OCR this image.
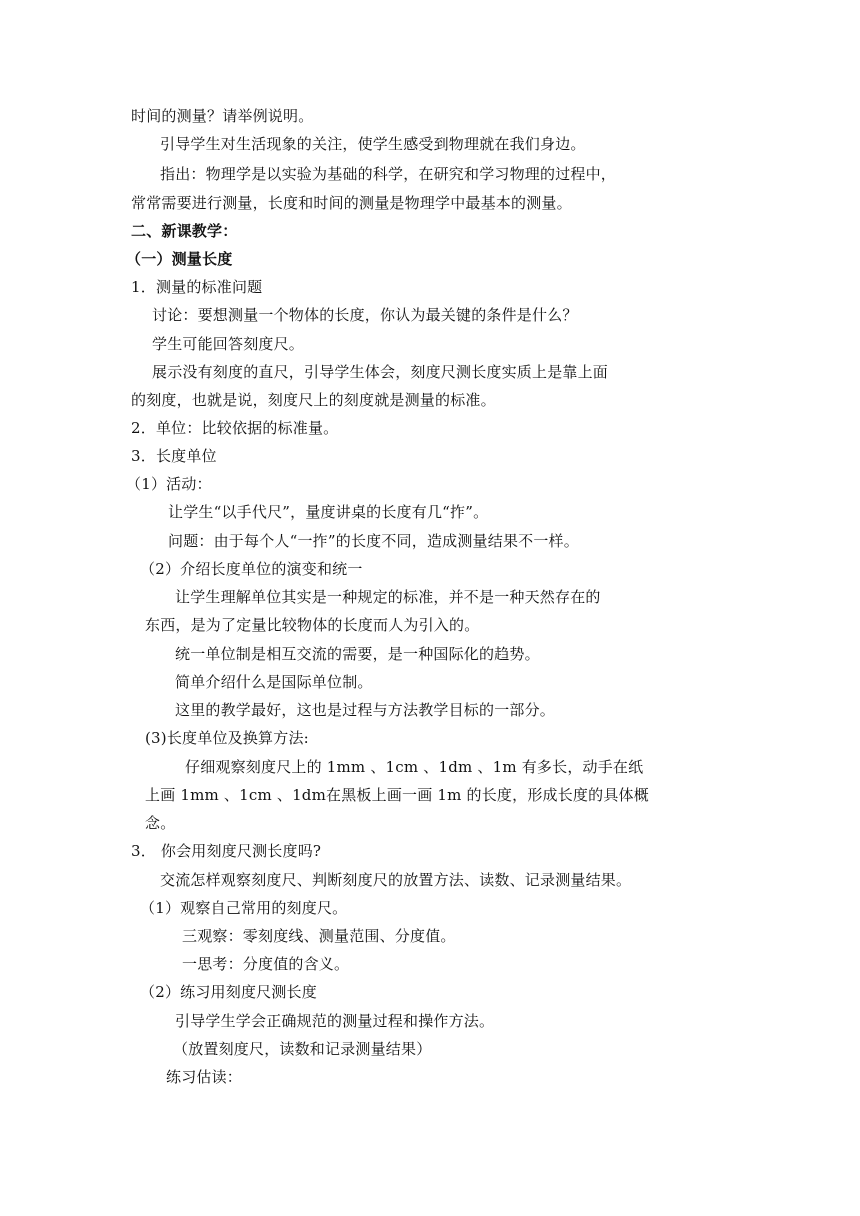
时间的测量？请举例说明。
引导学生对生活现象的关注，使学生感受到物理就在我们身边。
指出：物理学是以实验为基础的科学，在研究和学习物理的过程中，
常常需要进行测量，长度和时间的测量是物理学中最基本的测量。
二、新课教学：
（一）测量长度
1．测量的标准问题
讨论：要想测量一个物体的长度，你认为最关键的条件是什么？
学生可能回答刻度尺。
展示没有刻度的直尺，引导学生体会，刻度尺测长度实质上是靠上面
的刻度，也就是说，刻度尺上的刻度就是测量的标准。
2．单位：比较依据的标准量。
3．长度单位
（1）活动：
让学生“以手代尺”，量度讲桌的长度有几“拃”。
问题：由于每个人“一拃”的长度不同，造成测量结果不一样。
（2）介绍长度单位的演变和统一
让学生理解单位其实是一种规定的标准，并不是一种天然存在的
东西，是为了定量比较物体的长度而人为引入的。
统一单位制是相互交流的需要，是一种国际化的趋势。
简单介绍什么是国际单位制。
这里的教学最好，这也是过程与方法教学目标的一部分。
(3)长度单位及换算方法:
仔细观察刻度尺上的 1mm 、1cm 、1dm 、1m 有多长，动手在纸
上画 1mm 、1cm 、1dm在黑板上画一画 1m 的长度，形成长度的具体概
念。
3． 你会用刻度尺测长度吗?
交流怎样观察刻度尺、判断刻度尺的放置方法、读数、记录测量结果。
（1）观察自己常用的刻度尺。
三观察：零刻度线、测量范围、分度值。
一思考：分度值的含义。
（2）练习用刻度尺测长度
引导学生学会正确规范的测量过程和操作方法。
（放置刻度尺，读数和记录测量结果）
练习估读：
